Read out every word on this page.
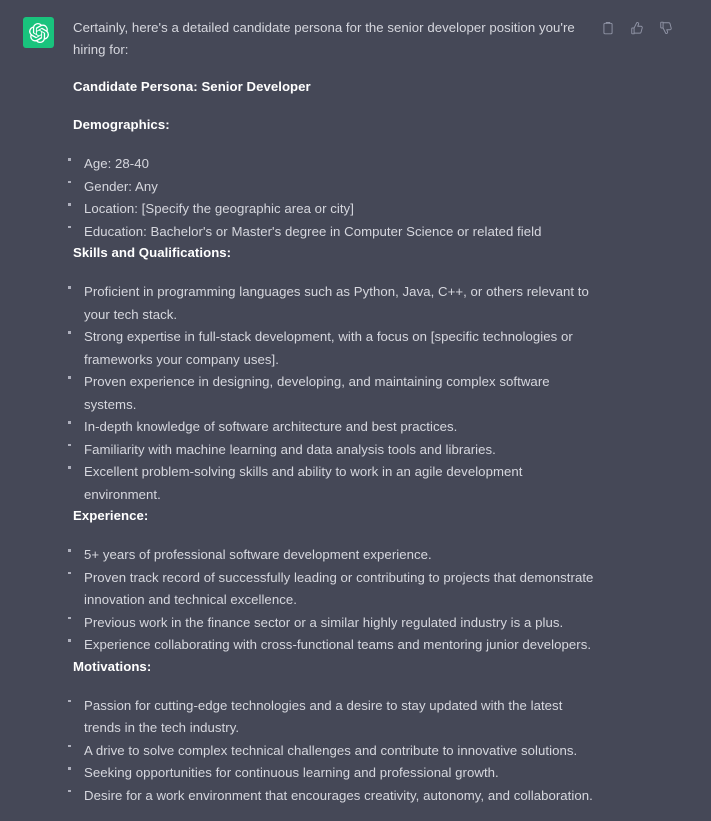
Certainly, here's a detailed candidate persona for the senior developer position you're hiring for:

Candidate Persona: Senior Developer
Demographics:
Age: 28-40
Gender: Any
Location: [Specify the geographic area or city]
Education: Bachelor's or Master's degree in Computer Science or related field
Skills and Qualifications:
Proficient in programming languages such as Python, Java, C++, or others relevant to your tech stack.
Strong expertise in full-stack development, with a focus on [specific technologies or frameworks your company uses].
Proven experience in designing, developing, and maintaining complex software systems.
In-depth knowledge of software architecture and best practices.
Familiarity with machine learning and data analysis tools and libraries.
Excellent problem-solving skills and ability to work in an agile development environment.
Experience:
5+ years of professional software development experience.
Proven track record of successfully leading or contributing to projects that demonstrate innovation and technical excellence.
Previous work in the finance sector or a similar highly regulated industry is a plus.
Experience collaborating with cross-functional teams and mentoring junior developers.
Motivations:
Passion for cutting-edge technologies and a desire to stay updated with the latest trends in the tech industry.
A drive to solve complex technical challenges and contribute to innovative solutions.
Seeking opportunities for continuous learning and professional growth.
Desire for a work environment that encourages creativity, autonomy, and collaboration.
